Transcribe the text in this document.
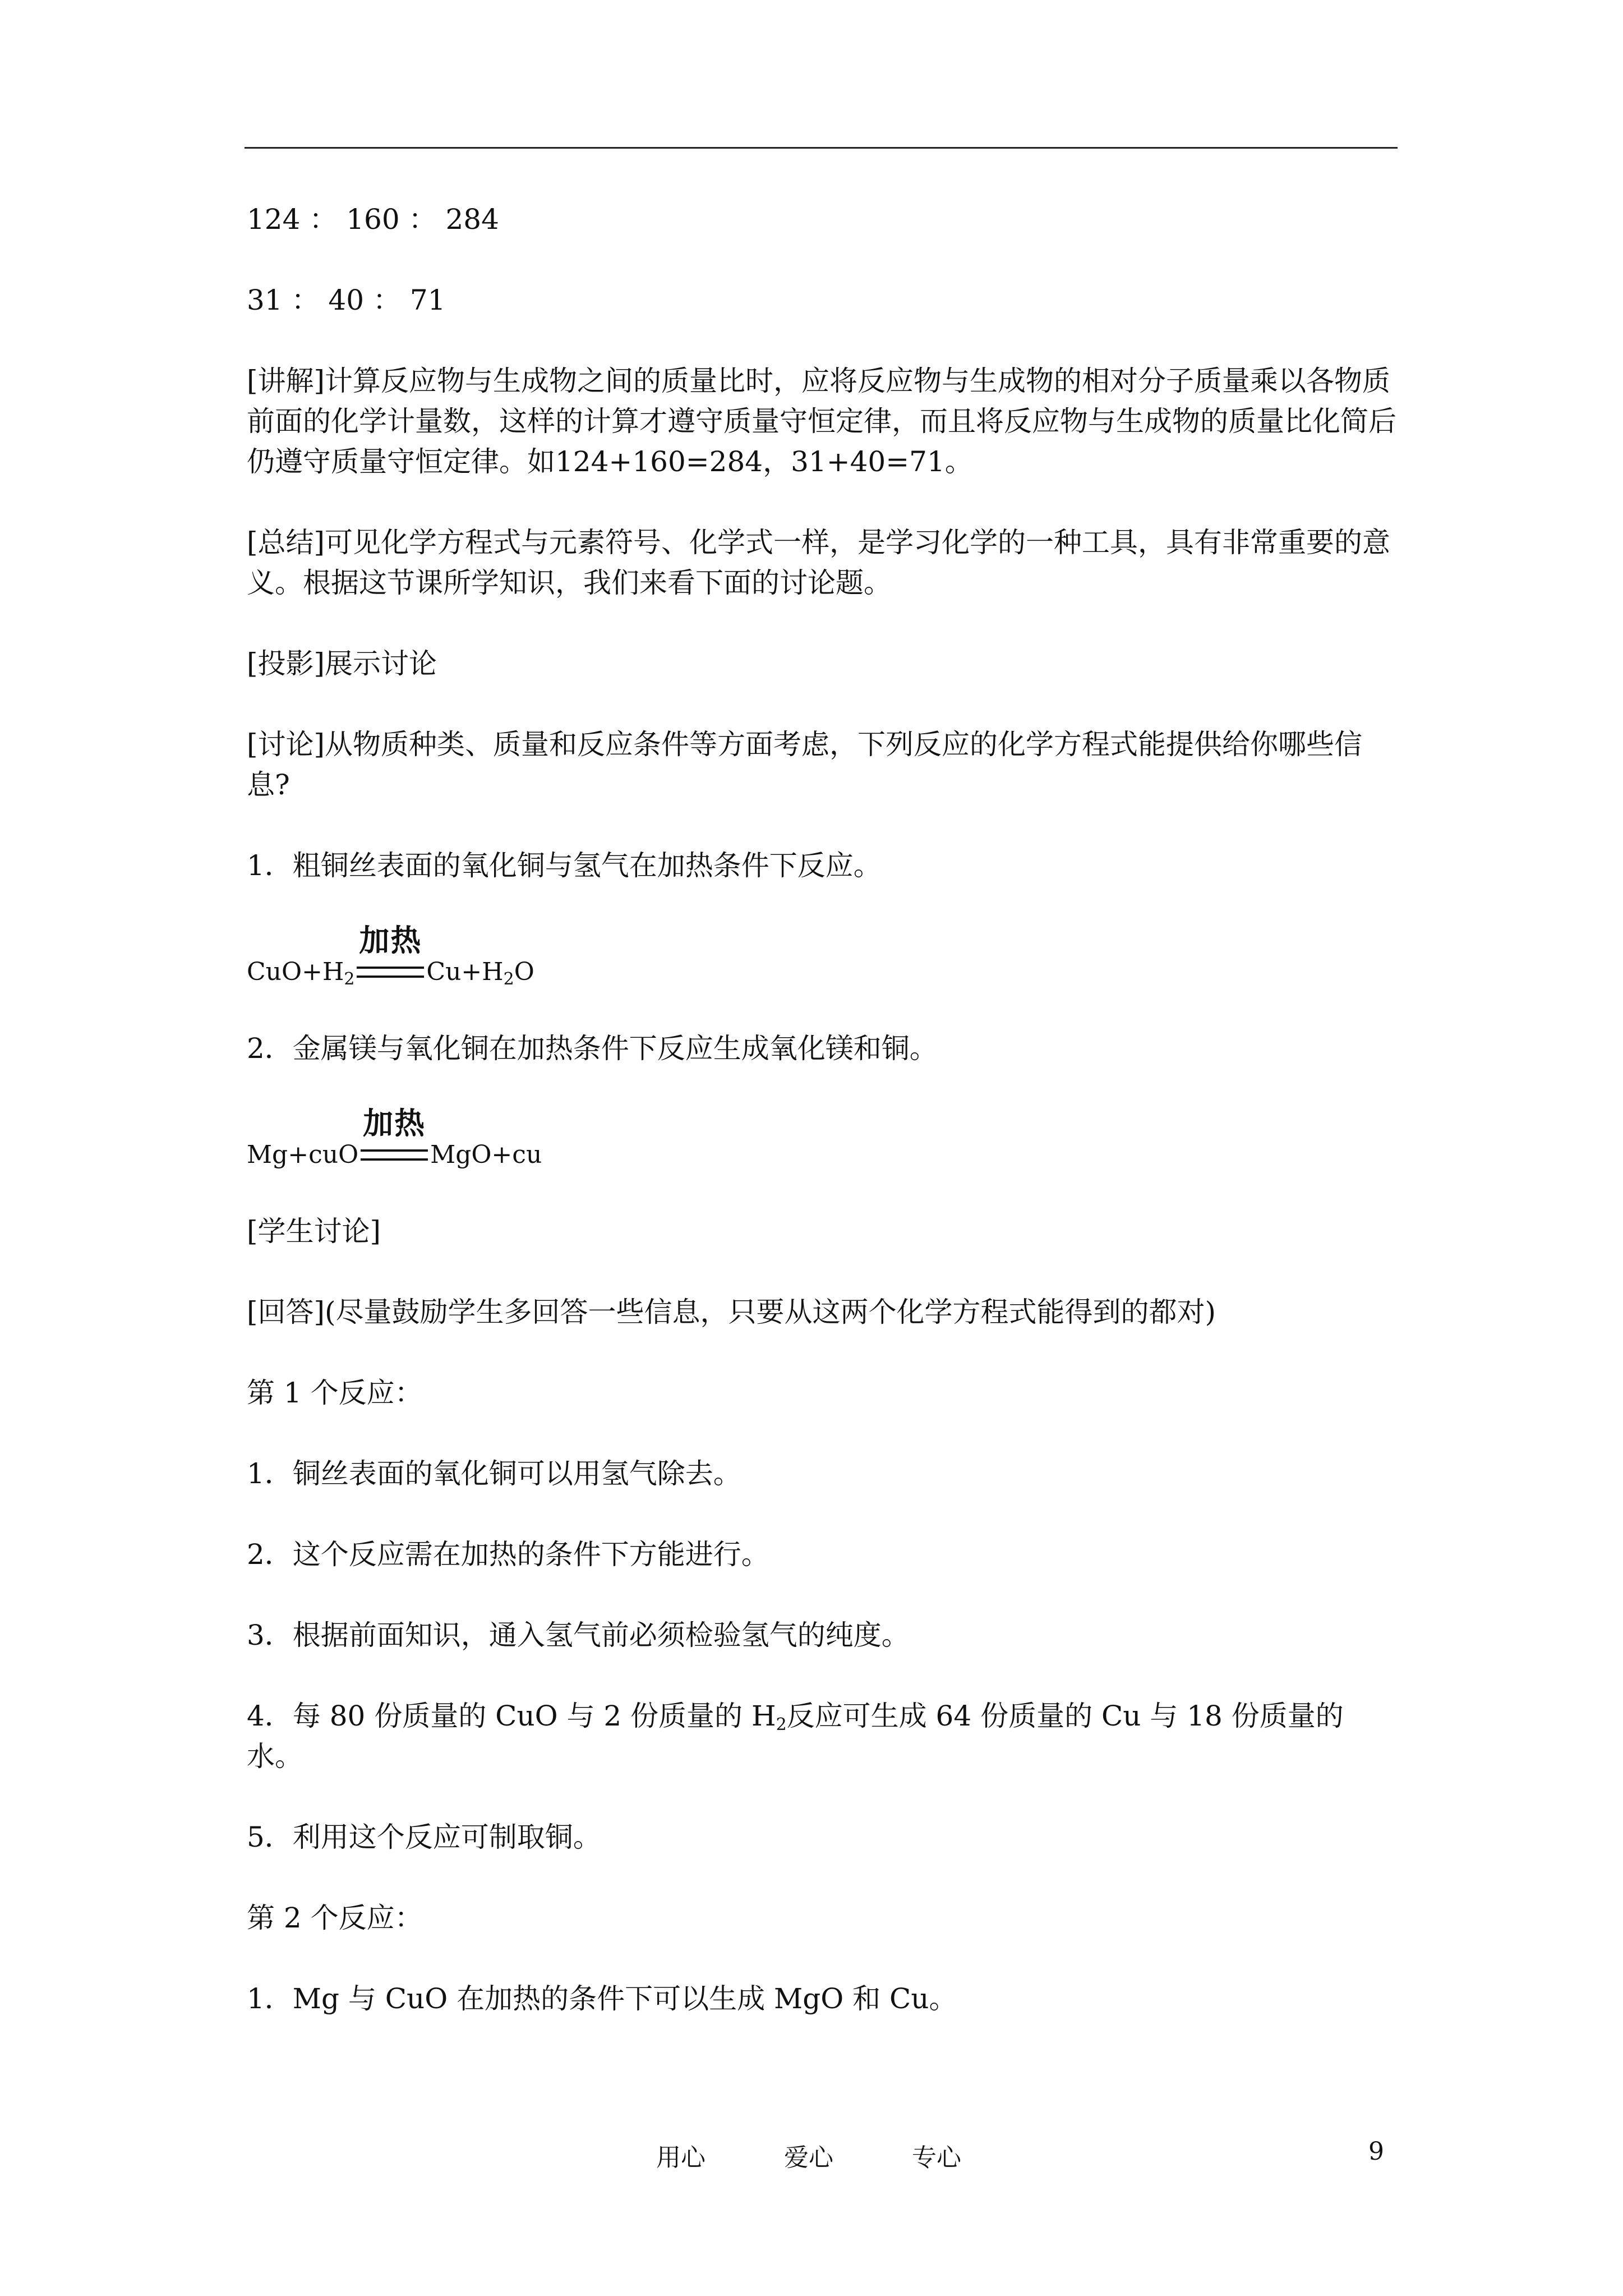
124 ： 160 ： 284

31 ： 40 ： 71

[讲解]计算反应物与生成物之间的质量比时，应将反应物与生成物的相对分子质量乘以各物质前面的化学计量数，这样的计算才遵守质量守恒定律，而且将反应物与生成物的质量比化简后仍遵守质量守恒定律。如124+160=284，31+40=71。

[总结]可见化学方程式与元素符号、化学式一样，是学习化学的一种工具，具有非常重要的意义。根据这节课所学知识，我们来看下面的讨论题。

[投影]展示讨论

[讨论]从物质种类、质量和反应条件等方面考虑，下列反应的化学方程式能提供给你哪些信息?

1．粗铜丝表面的氧化铜与氢气在加热条件下反应。

$CuO+H_2$
加热
$Cu+H_2O$

2．金属镁与氧化铜在加热条件下反应生成氧化镁和铜。

Mg+cuO
加热
MgO+cu

[学生讨论]

[回答](尽量鼓励学生多回答一些信息，只要从这两个化学方程式能得到的都对)

第 1 个反应：

1．铜丝表面的氧化铜可以用氢气除去。

2．这个反应需在加热的条件下方能进行。

3．根据前面知识，通入氢气前必须检验氢气的纯度。

4．每 80 份质量的 CuO 与 2 份质量的 $H_2$反应可生成 64 份质量的 Cu 与 18 份质量的水。

5．利用这个反应可制取铜。

第 2 个反应：

1．Mg 与 CuO 在加热的条件下可以生成 MgO 和 Cu。

用心	爱心	专心	9
